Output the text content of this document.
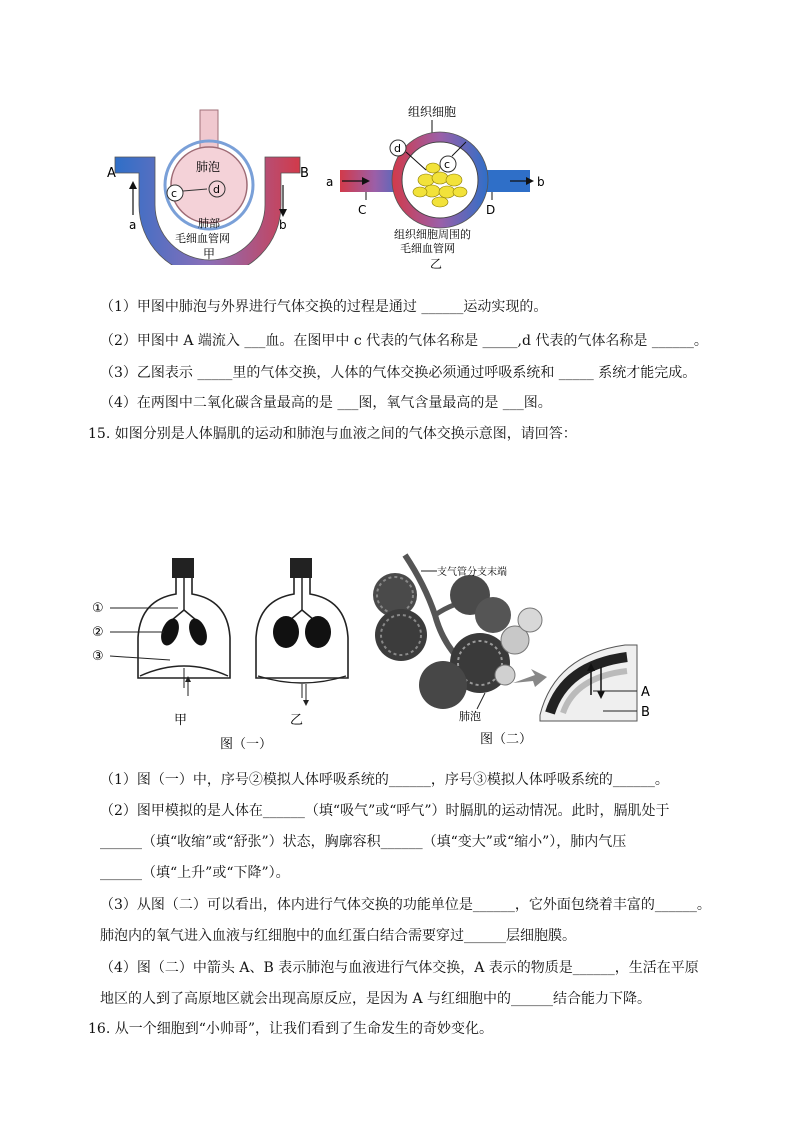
肺泡
d
c
A	B
a	b
肺部
毛细血管网
甲
组织细胞
d
c
a	b
C	D
组织细胞周围的
毛细血管网
乙
（1）甲图中肺泡与外界进行气体交换的过程是通过 ______运动实现的。
（2）甲图中 A 端流入 ___血。在图甲中 c 代表的气体名称是 _____,d 代表的气体名称是 ______。
（3）乙图表示 _____里的气体交换，人体的气体交换必须通过呼吸系统和 _____ 系统才能完成。
（4）在两图中二氧化碳含量最高的是 ___图，氧气含量最高的是 ___图。
15. 如图分别是人体膈肌的运动和肺泡与血液之间的气体交换示意图，请回答：
①
②
③
甲	乙
图（一）
支气管分支末端
肺泡
A
B
图（二）
（1）图（一）中，序号②模拟人体呼吸系统的______，序号③模拟人体呼吸系统的______。
（2）图甲模拟的是人体在______（填“吸气”或“呼气”）时膈肌的运动情况。此时，膈肌处于
______（填“收缩”或“舒张”）状态，胸廓容积______（填“变大”或“缩小”），肺内气压
______（填“上升”或“下降”）。
（3）从图（二）可以看出，体内进行气体交换的功能单位是______，它外面包绕着丰富的______。
肺泡内的氧气进入血液与红细胞中的血红蛋白结合需要穿过______层细胞膜。
（4）图（二）中箭头 A、B 表示肺泡与血液进行气体交换，A 表示的物质是______，生活在平原
地区的人到了高原地区就会出现高原反应，是因为 A 与红细胞中的______结合能力下降。
16. 从一个细胞到“小帅哥”，让我们看到了生命发生的奇妙变化。
